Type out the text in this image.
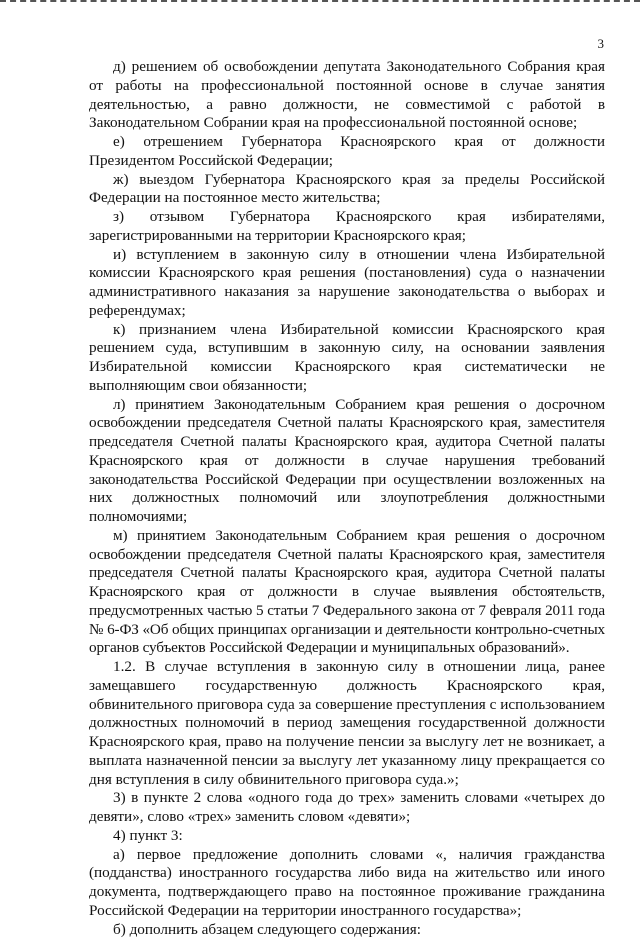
3

д) решением об освобождении депутата Законодательного Собрания края от работы на профессиональной постоянной основе в случае занятия деятельностью, а равно должности, не совместимой с работой в Законодательном Собрании края на профессиональной постоянной основе;

е) отрешением Губернатора Красноярского края от должности Президентом Российской Федерации;

ж) выездом Губернатора Красноярского края за пределы Российской Федерации на постоянное место жительства;

з) отзывом Губернатора Красноярского края избирателями, зарегистрированными на территории Красноярского края;

и) вступлением в законную силу в отношении члена Избирательной комиссии Красноярского края решения (постановления) суда о назначении административного наказания за нарушение законодательства о выборах и референдумах;

к) признанием члена Избирательной комиссии Красноярского края решением суда, вступившим в законную силу, на основании заявления Избирательной комиссии Красноярского края систематически не выполняющим свои обязанности;

л) принятием Законодательным Собранием края решения о досрочном освобождении председателя Счетной палаты Красноярского края, заместителя председателя Счетной палаты Красноярского края, аудитора Счетной палаты Красноярского края от должности в случае нарушения требований законодательства Российской Федерации при осуществлении возложенных на них должностных полномочий или злоупотребления должностными полномочиями;

м) принятием Законодательным Собранием края решения о досрочном освобождении председателя Счетной палаты Красноярского края, заместителя председателя Счетной палаты Красноярского края, аудитора Счетной палаты Красноярского края от должности в случае выявления обстоятельств, предусмотренных частью 5 статьи 7 Федерального закона от 7 февраля 2011 года № 6-ФЗ «Об общих принципах организации и деятельности контрольно-счетных органов субъектов Российской Федерации и муниципальных образований».

1.2. В случае вступления в законную силу в отношении лица, ранее замещавшего государственную должность Красноярского края, обвинительного приговора суда за совершение преступления с использованием должностных полномочий в период замещения государственной должности Красноярского края, право на получение пенсии за выслугу лет не возникает, а выплата назначенной пенсии за выслугу лет указанному лицу прекращается со дня вступления в силу обвинительного приговора суда.»;

3) в пункте 2 слова «одного года до трех» заменить словами «четырех до девяти», слово «трех» заменить словом «девяти»;

4) пункт 3:

а) первое предложение дополнить словами «, наличия гражданства (подданства) иностранного государства либо вида на жительство или иного документа, подтверждающего право на постоянное проживание гражданина Российской Федерации на территории иностранного государства»;

б) дополнить абзацем следующего содержания:
